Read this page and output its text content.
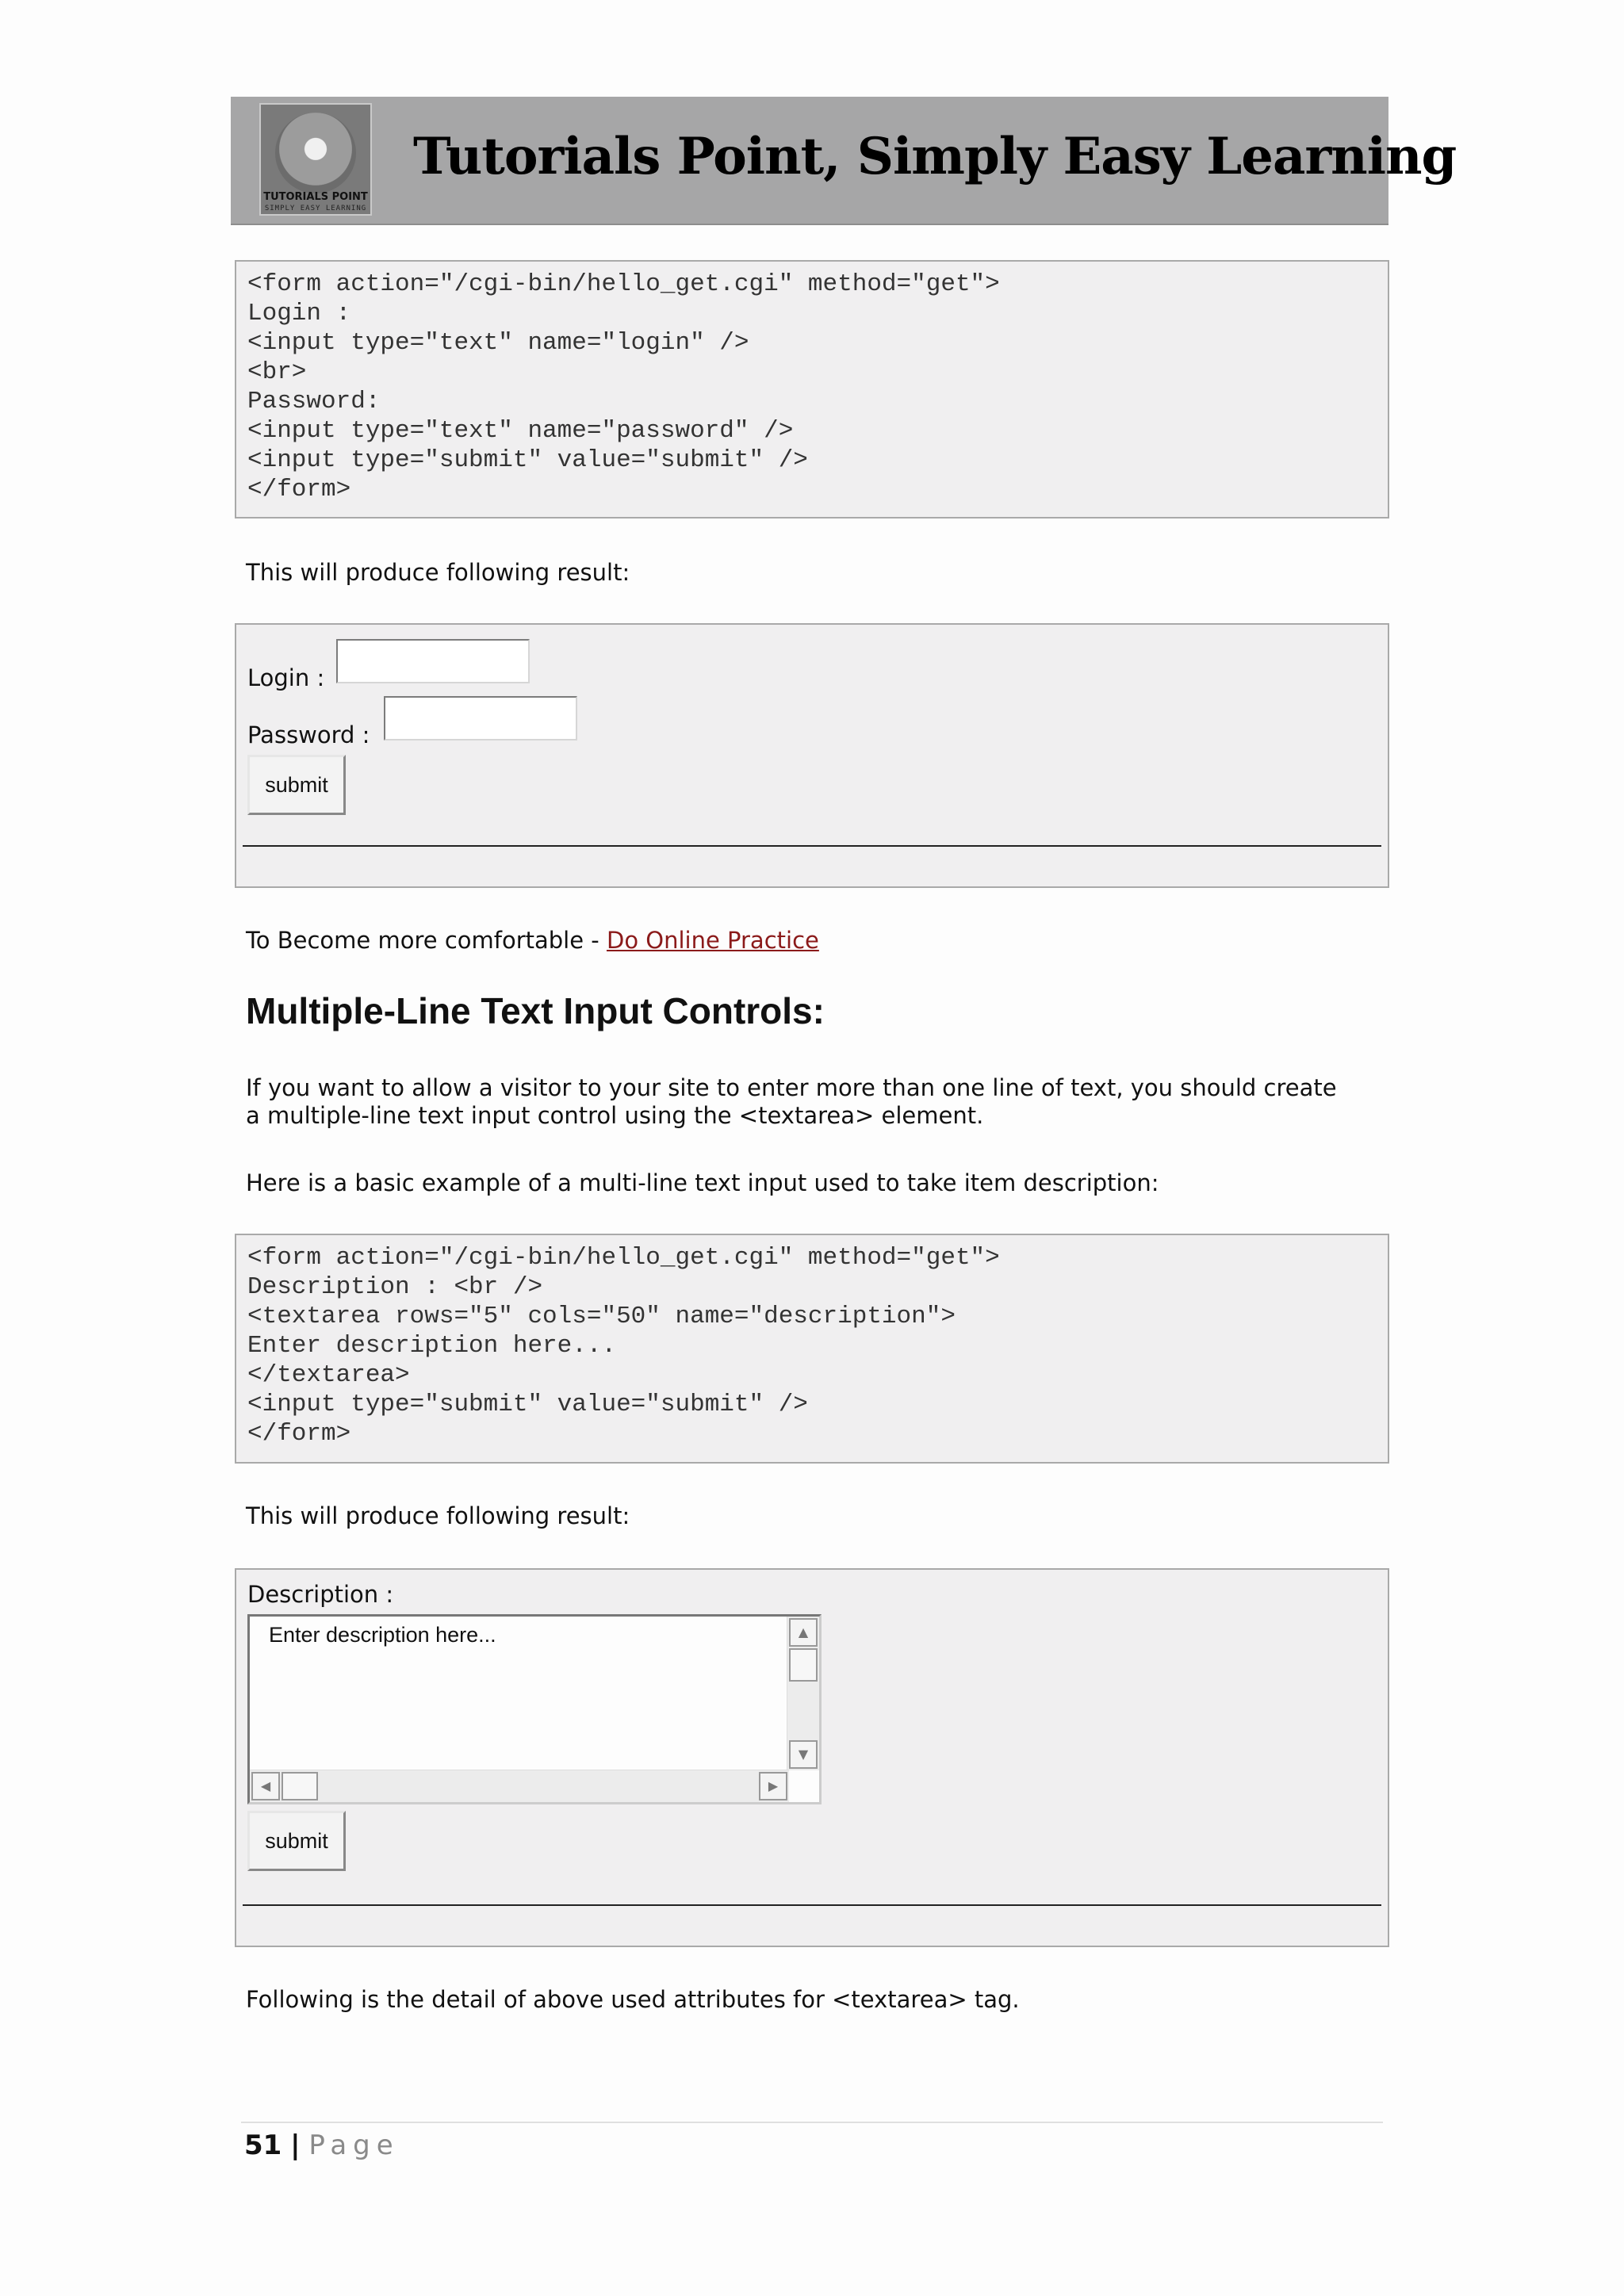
TUTORIALS POINT
SIMPLY EASY LEARNING
Tutorials Point, Simply Easy Learning
<form action="/cgi-bin/hello_get.cgi" method="get">
Login :
<input type="text" name="login" />
<br>
Password:
<input type="text" name="password" />
<input type="submit" value="submit" />
</form>
This will produce following result:
Login :
Password :
submit
To Become more comfortable - Do Online Practice
Multiple-Line Text Input Controls:
If you want to allow a visitor to your site to enter more than one line of text, you should create
a multiple-line text input control using the <textarea> element.
Here is a basic example of a multi-line text input used to take item description:
<form action="/cgi-bin/hello_get.cgi" method="get">
Description : <br />
<textarea rows="5" cols="50" name="description">
Enter description here...
</textarea>
<input type="submit" value="submit" />
</form>
This will produce following result:
Description :
Enter description here...	▲
▼
◀	▶
submit
Following is the detail of above used attributes for <textarea> tag.
51 | Page
